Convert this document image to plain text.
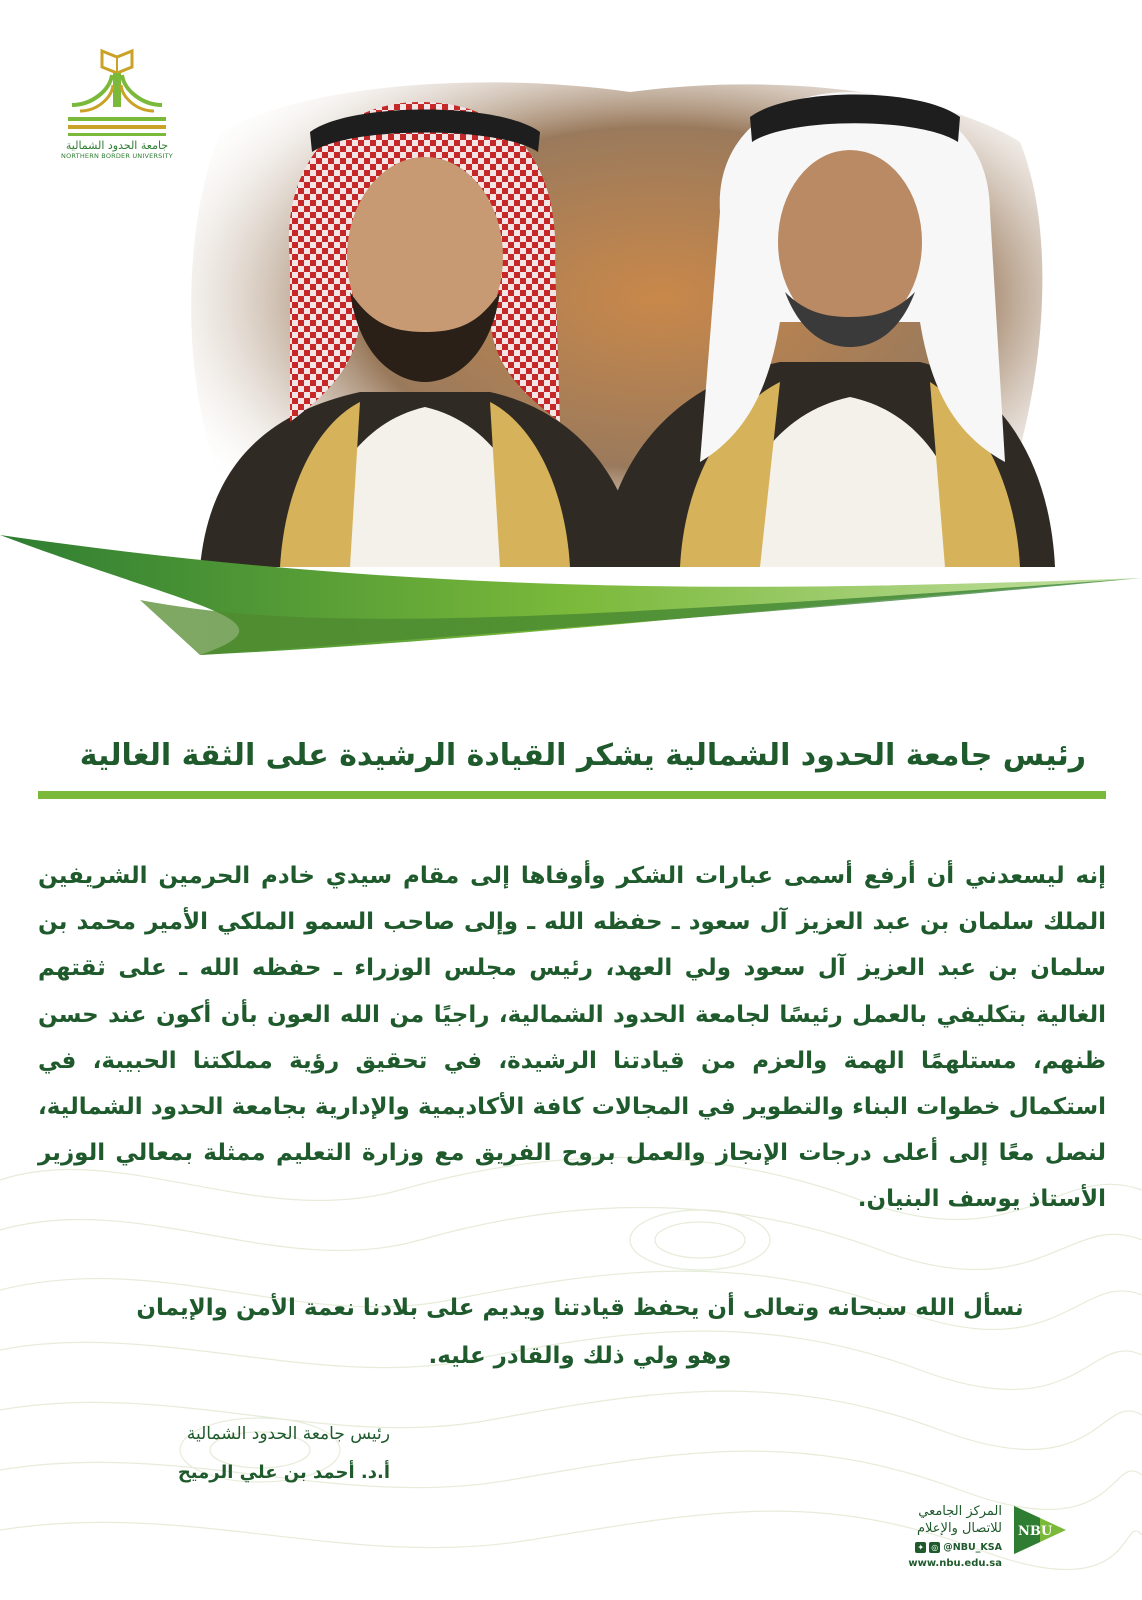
جامعة الحدود الشمالية
NORTHERN BORDER UNIVERSITY
رئيس جامعة الحدود الشمالية يشكر القيادة الرشيدة على الثقة الغالية
إنه ليسعدني أن أرفع أسمى عبارات الشكر وأوفاها إلى مقام سيدي خادم الحرمين الشريفين الملك سلمان بن عبد العزيز آل سعود ـ حفظه الله ـ وإلى صاحب السمو الملكي الأمير محمد بن سلمان بن عبد العزيز آل سعود ولي العهد، رئيس مجلس الوزراء ـ حفظه الله ـ على ثقتهم الغالية بتكليفي بالعمل رئيسًا لجامعة الحدود الشمالية، راجيًا من الله العون بأن أكون عند حسن ظنهم، مستلهمًا الهمة والعزم من قيادتنا الرشيدة، في تحقيق رؤية مملكتنا الحبيبة، في استكمال خطوات البناء والتطوير في المجالات كافة الأكاديمية والإدارية بجامعة الحدود الشمالية، لنصل معًا إلى أعلى درجات الإنجاز والعمل بروح الفريق مع وزارة التعليم ممثلة بمعالي الوزير الأستاذ يوسف البنيان.
نسأل الله سبحانه وتعالى أن يحفظ قيادتنا ويديم على بلادنا نعمة الأمن والإيمان
وهو ولي ذلك والقادر عليه.
رئيس جامعة الحدود الشمالية
أ.د. أحمد بن علي الرميح
NBU
المركز الجامعي
للاتصال والإعلام
✦ ◎ @NBU_KSA
www.nbu.edu.sa
